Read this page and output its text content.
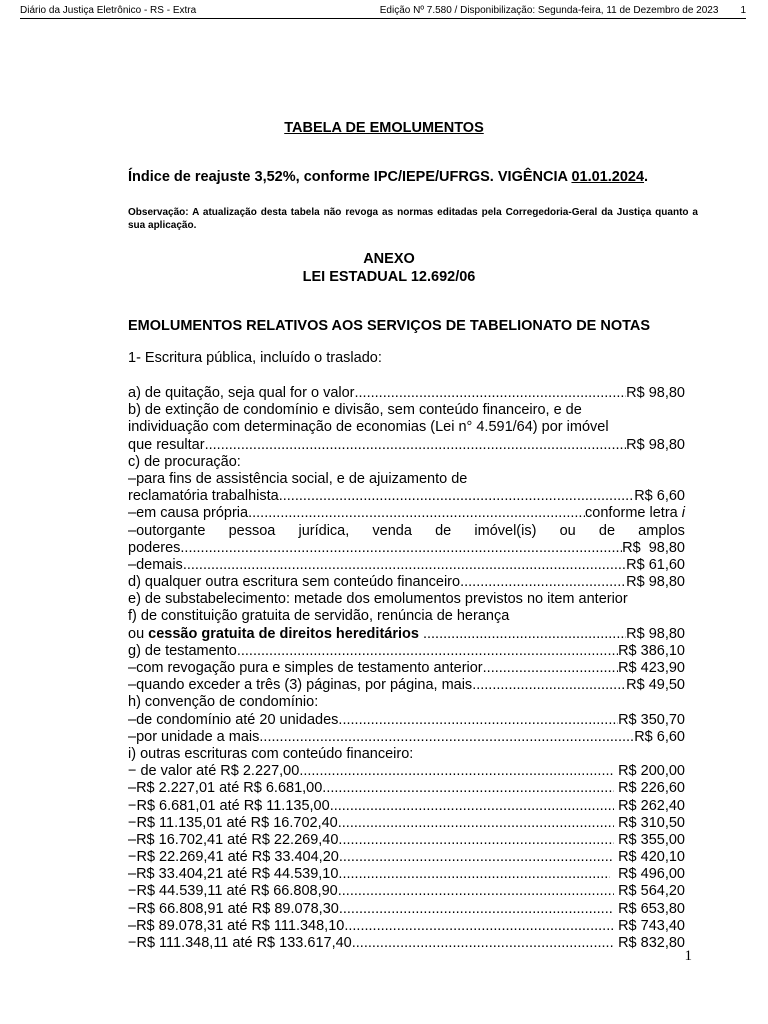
Diário da Justiça Eletrônico - RS - Extra	Edição Nº 7.580 / Disponibilização: Segunda-feira, 11 de Dezembro de 2023 1
TABELA DE EMOLUMENTOS
Índice de reajuste 3,52%, conforme IPC/IEPE/UFRGS. VIGÊNCIA 01.01.2024.
Observação: A atualização desta tabela não revoga as normas editadas pela Corregedoria-Geral da Justiça quanto a sua aplicação.
ANEXO
LEI ESTADUAL 12.692/06
EMOLUMENTOS RELATIVOS AOS SERVIÇOS DE TABELIONATO DE NOTAS
1- Escritura pública, incluído o traslado:
a) de quitação, seja qual for o valor .....	R$ 98,80
b) de extinção de condomínio e divisão, sem conteúdo financeiro, e de
individuação com determinação de economias (Lei n° 4.591/64) por imóvel
que resultar .....	R$ 98,80
c) de procuração:
–para fins de assistência social, e de ajuizamento de
reclamatória trabalhista .....	R$ 6,60
–em causa própria .....	conforme letra i
–outorgante pessoa jurídica, venda de imóvel(is) ou de amplos
poderes .....	R$  98,80
–demais .....	R$ 61,60
d) qualquer outra escritura sem conteúdo financeiro .....	R$ 98,80
e) de substabelecimento: metade dos emolumentos previstos no item anterior
f) de constituição gratuita de servidão, renúncia de herança
ou cessão gratuita de direitos hereditários .....	R$ 98,80
g) de testamento .....	R$ 386,10
–com revogação pura e simples de testamento anterior .....	R$ 423,90
–quando exceder a três (3) páginas, por página, mais .....	R$ 49,50
h) convenção de condomínio:
–de condomínio até 20 unidades .....	R$ 350,70
–por unidade a mais .....	R$ 6,60
i) outras escrituras com conteúdo financeiro:
− de valor até R$ 2.227,00 .....	R$ 200,00
–R$ 2.227,01 até R$ 6.681,00 .....	R$ 226,60
−R$ 6.681,01 até R$ 11.135,00 .....	R$ 262,40
−R$ 11.135,01 até R$ 16.702,40 .....	R$ 310,50
–R$ 16.702,41 até R$ 22.269,40 .....	R$ 355,00
−R$ 22.269,41 até R$ 33.404,20 .....	R$ 420,10
–R$ 33.404,21 até R$ 44.539,10 .....	R$ 496,00
−R$ 44.539,11 até R$ 66.808,90 .....	R$ 564,20
−R$ 66.808,91 até R$ 89.078,30 .....	R$ 653,80
–R$ 89.078,31 até R$ 111.348,10 .....	R$ 743,40
−R$ 111.348,11 até R$ 133.617,40 .....	R$ 832,80
1
